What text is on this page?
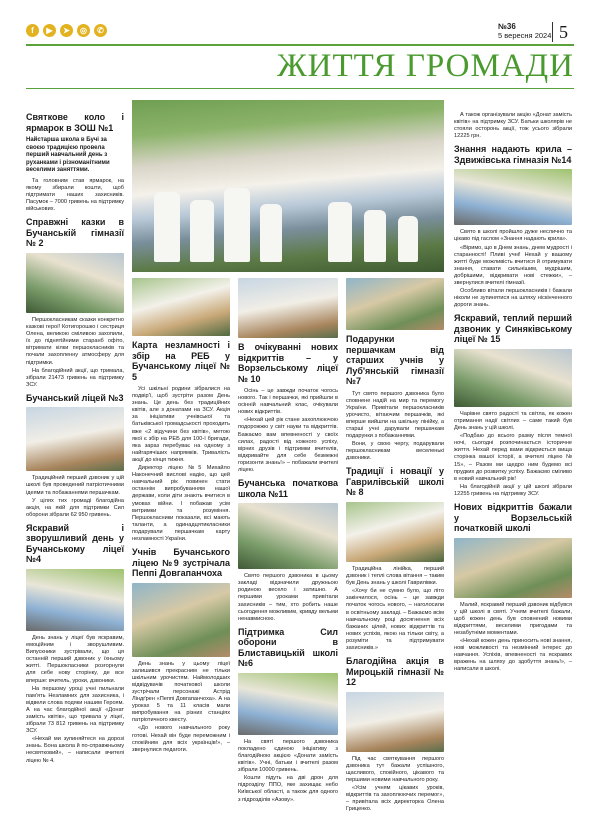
f	▶	➤	◎	✆	№36
5 вересня 2024 5
ЖИТТЯ ГРОМАДИ
Святкове коло і ярмарок в ЗОШ №1
Найстарша школа в Бучі за своєю традицією провела перший навчальний день з руханками і різноманітними веселими заняттями.

Та головним став ярмарок, на якому збирали кошти, щоб підтримати наших захисників. Пасумок – 7000 гривень на підтримку військових.

Справжні казки в Бучанській гімназії № 2

Першокласникам сказки конкретно казкові герої! Котигорошко і сестриця Олена, великою сміливою захопили, їх до піднятійними старанб офіто, вітримати кілки першокласників та почали захопленну атмосферу для підтримки.

На благодійний акції, що тримала, зібрали 21473 гривень на підтримку ЗСУ.

Бучанський ліцей №3

Традиційний перший дзвоник у цій школі був проведений патріотичними ідеями та побажаннями першачкам.

У цілях тих громаді благодійна акція, на якій для підтримки Сил оборони зібрали 62 950 гривень.

Яскравий і зворушливий день у Бучанському ліцеї №4

День знань у ліцеї був яскравим, емоційним і зворушливим. Випускники зустрівали, що ця останній перший дзвоник у їхньому житті. Першокласники розгорнули для себе нову сторінку, де все вперше: вчитель, уроки, дзвоники.

На першому уроці учні пильнали пам'ять Незламних для захисника, і відвели слова подяки нашим Героям. А на час благодійної акції «Донат замість квітів», що тривала у ліцеї, зібрали 73 812 гривень на підтримку ЗСУ.

«Нехай ми зупиняйтеся на дорозі знань. Бона школа й по-справжньому несвятковий», – написали вчителі ліцею № 4.

Карта незламності і збір на РЕБ у Бучанському ліцеї № 5

Усі шкільні родини зібралися на подвір'ї, щоб зустріти разом День знань. Це день без традиційних квітів, але з донатами на ЗСУ. Акція за ініціативи учнівської та батьківської громадськості проходить вже «2 відучини без квітів», метою якої є збір на РЕБ для 100-ї бригади, яка зараз перебуває на одному з найгарячіших напрямків. Тривалість акції до кінця тижня.

Директор ліцею №5 Михайло Наконечний вислові надію, що цей навчальний рік повинен стати останнім випробуванням нашої держави, коли діти знають вчитися в умовах війни. І побажав усім витримки та розуміння. Першокласники показали, всі мають таланти, а одинадцятикласники подарували першачкам карту незламності України.

Учнів Бучанського ліцею №9 зустрічала Пеппі Довгапанчоха

День знань у цьому ліцеї залишився прекрасним не тільки шкільним урочистям. Наймолодших відвідувачів початкової школи зустрічали персонажі Астрід Ліндґрен «Пеппі Довгапанчоха». А на уроках 5 та 11 класів мали випробування на різних станціях патріотичного квесту.

«До нового навчального року готові. Нехай він буде переможним і спокійним для всіх українців!», – звернулися педагоги.

В очікуванні нових відкриттів – у Ворзельському ліцеї № 10

Осінь – це завжди початок чогось нового. Так і першачки, які прийшли в осінній навчальний клас, очікували нових відкриттів.

«Нехай цей рік стане захоплюючою подорожжю у світ науки та відкриттів. Бажаємо вам впевненості у своїх силах, радості від кожного успіху, вірних друзів і підтримки вчителів, відкривайте для себе безмежні горизонти знань!» – побажали вчителі ліцею.

Бучанська початкова школа №11

Свято першого дзвоника в цьому закладі відзначили дружньою родиною весело і затишно. А першими уроками привітали захисників – тим, хто робить наше сьогодення можливим, кривду вельми ненавмисною.

Підтримка Сил оборони в Блиставицькій школі №6

На святі першого дзвоника покладено єдиною ініціативу з благодійною акцією «Донати замість квітів». Учні, батьки і вчителі разом зібрали 10000 гривень.

Кошти підуть на дві дрон для підрозділу ППО, яке захищає небо Київської області, а також для одного з підрозділів «Азову».

Подарунки першачкам від старших учнів у Луб'янській гімназії №7

Тут свято першого дзвоника було сповнене надій на мир та перемогу України. Привітали першокласників урочисто, вітаючим першачків, які вперше вийшли на шкільну лінійку, а старші учні дарували першачкам подарунки з побажаннями.

Вони, у свою чергу, подарували першокласникам веселенькі дзвоники.

Традиції і новації у Гаврилівській школі № 8

Традиційна лінійка, перший дзвоник і теплі слова вітання – таким був День знань у школі Гаврилівки.

«Хочу би не сумно було, що літо закінчилося, осінь – це завжди початок чогось нового, – наголосили в освітньому закладі. – Бажаємо всім навчальному році досягнення всіх бажаних цілей, нових відкриттів та нових успіхів, якою на тільки світу, а розуміти та підтримувати захисників.»

Благодійна акція в Мироцькій гімназії № 12

Під час святкування першого дзвоника тут бажали успішного, щасливого, спокійного, цікавого та першими новими навчального року.

«Усім учням цікавих уроків, відкриттів та захоплюючих перемог», – привітала всіх директорка Олена Гриценко.

А також організували акцію «Донат замість квітів» на підтримку ЗСУ. Батьки школярів не стояли осторонь акції, тож усього зібрали 12225 грн.

Знання надають крила – Здвижівська гімназія №14

Свято в школі пройшло дуже неслично та цікаво під гаслом «Знання надають крила».

«Віримо, що в Днем знань, днем мудрості і старанності! Пливі учні! Нехай у вашому житті буде можливість вчитися й отримувати знання, ставати сильнішим, мудрішим, добрішими, відкривати нові стежки», – звернулися вчителі гімназії.

Особливо вітали першокласників і бажали ніколи не зупинятися на шляху ніскінченного дороги знань.

Яскравий, теплий перший дзвоник у Синяківському ліцеї № 15

Чарівне свято радості та світла, як кожен отримання надії світлих – саме такий був День знань у цій школі.

«Подбаю до всього разму після темної ночі, сьогодні розпочинається історичне життя. Нехай перед вами відкриється вища сторінка вашої історії, а вчителі ліцею № 15», – Разом ми щедро ним будемо всі прудких до розвитку успіху. Бажаємо сміливо в новий навчальний рік!

На благодійній акції у цій школі зібрали 12255 гривень на підтримку ЗСУ.

Нових відкриттів бажали у Ворзельській початковій школі

Малий, яскравий перший дзвоник відбувся у цій школі в святі. Учням вчителі бажали, щоб кожен день був сповнений новими відкриттями, веселими пригодами та незабутніми моментами.

«Нехай кожен день приносить нові знання, нові можливості та незмінний інтерес до навчання. Успіхів, впевненості та яскравих вражень на шляху до здобуття знань!», – написали в школі.
